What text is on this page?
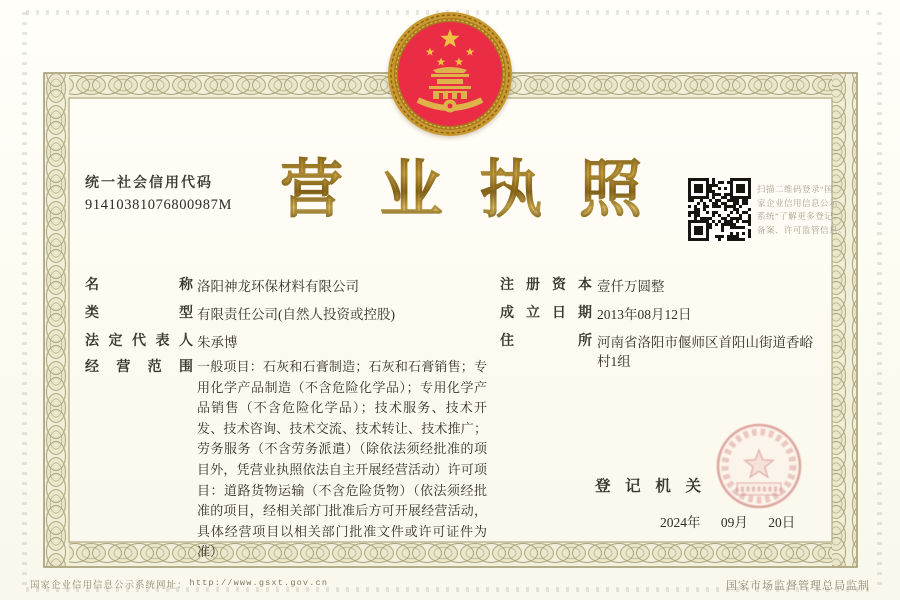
统一社会信用代码
91410381076800987M 营 业 执 照	扫描二维码登录“国
家企业信用信息公示
系统”了解更多登记、
备案、许可监管信息。
名	称 洛阳神龙环保材料有限公司
类	型 有限责任公司(自然人投资或控股)
法 定 代 表 人 朱承博
经 营 范 围 一般项目：石灰和石膏制造；石灰和石膏销售；专用化学产品制造（不含危险化学品）；专用化学产品销售（不含危险化学品）；技术服务、技术开发、技术咨询、技术交流、技术转让、技术推广；劳务服务（不含劳务派遣）（除依法须经批准的项目外，凭营业执照依法自主开展经营活动）许可项目：道路货物运输（不含危险货物）（依法须经批准的项目，经相关部门批准后方可开展经营活动，具体经营项目以相关部门批准文件或许可证件为准）
注 册 资 本 壹仟万圆整
成 立 日 期 2013年08月12日
住	所 河南省洛阳市偃师区首阳山街道香峪村1组
登 记 机 关
2024年 09月 20日
国家企业信用信息公示系统网址： http://www.gsxt.gov.cn	国家市场监督管理总局监制
